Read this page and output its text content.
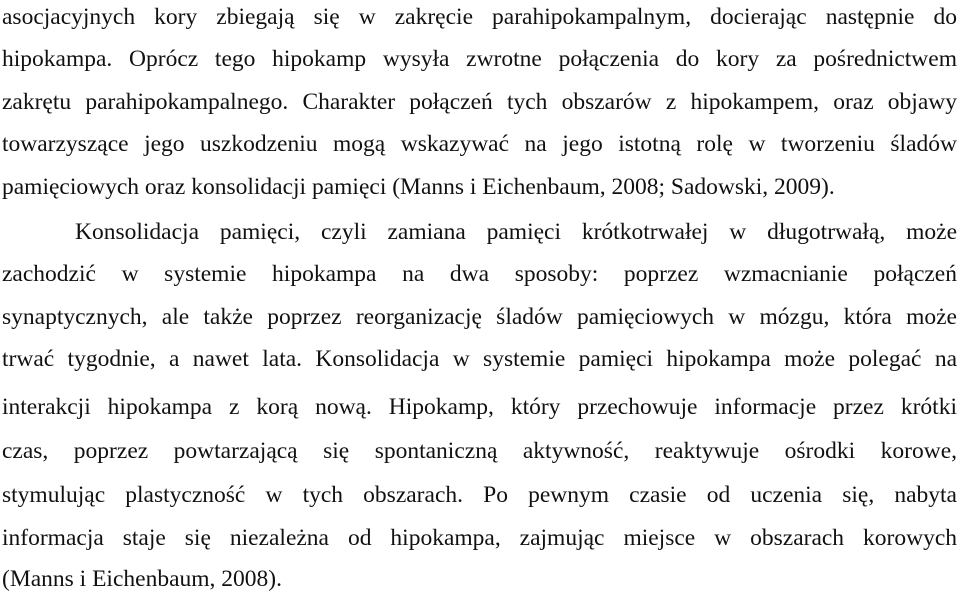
asocjacyjnych kory zbiegają się w zakręcie parahipokampalnym, docierając następnie do
hipokampa. Oprócz tego hipokamp wysyła zwrotne połączenia do kory za pośrednictwem
zakrętu parahipokampalnego. Charakter połączeń tych obszarów z hipokampem, oraz objawy
towarzyszące jego uszkodzeniu mogą wskazywać na jego istotną rolę w tworzeniu śladów
pamięciowych oraz konsolidacji pamięci (Manns i Eichenbaum, 2008; Sadowski, 2009).
Konsolidacja pamięci, czyli zamiana pamięci krótkotrwałej w długotrwałą, może
zachodzić w systemie hipokampa na dwa sposoby: poprzez wzmacnianie połączeń
synaptycznych, ale także poprzez reorganizację śladów pamięciowych w mózgu, która może
trwać tygodnie, a nawet lata. Konsolidacja w systemie pamięci hipokampa może polegać na
interakcji hipokampa z korą nową. Hipokamp, który przechowuje informacje przez krótki
czas, poprzez powtarzającą się spontaniczną aktywność, reaktywuje ośrodki korowe,
stymulując plastyczność w tych obszarach. Po pewnym czasie od uczenia się, nabyta
informacja staje się niezależna od hipokampa, zajmując miejsce w obszarach korowych
(Manns i Eichenbaum, 2008).
